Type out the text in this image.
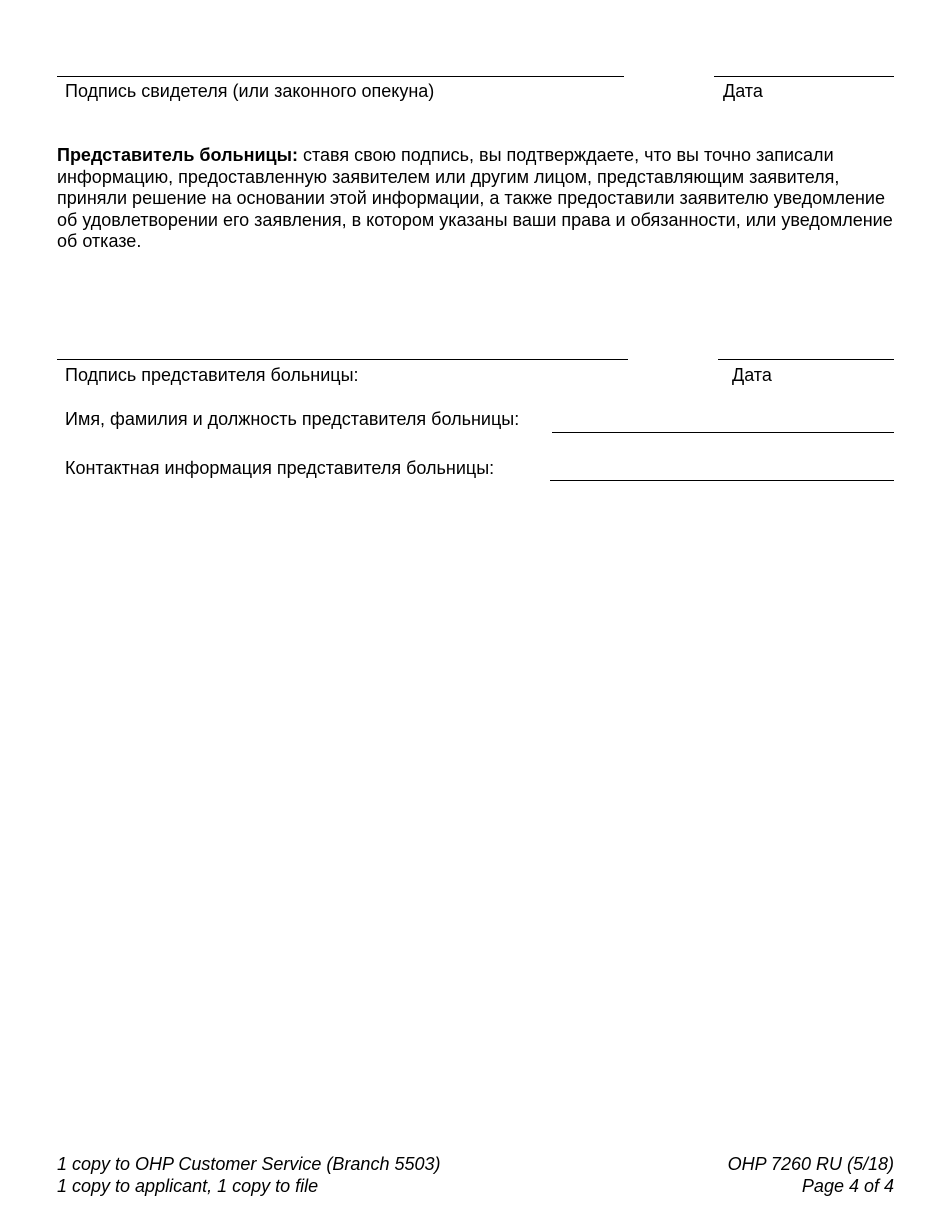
Подпись свидетеля (или законного опекуна)	Дата
Представитель больницы: ставя свою подпись, вы подтверждаете, что вы точно записали информацию, предоставленную заявителем или другим лицом, представляющим заявителя, приняли решение на основании этой информации, а также предоставили заявителю уведомление об удовлетворении его заявления, в котором указаны ваши права и обязанности, или уведомление об отказе.
Подпись представителя больницы:	Дата
Имя, фамилия и должность представителя больницы:
Контактная информация представителя больницы:
1 copy to OHP Customer Service (Branch 5503)
1 copy to applicant, 1 copy to file
OHP 7260 RU (5/18)
Page 4 of 4
